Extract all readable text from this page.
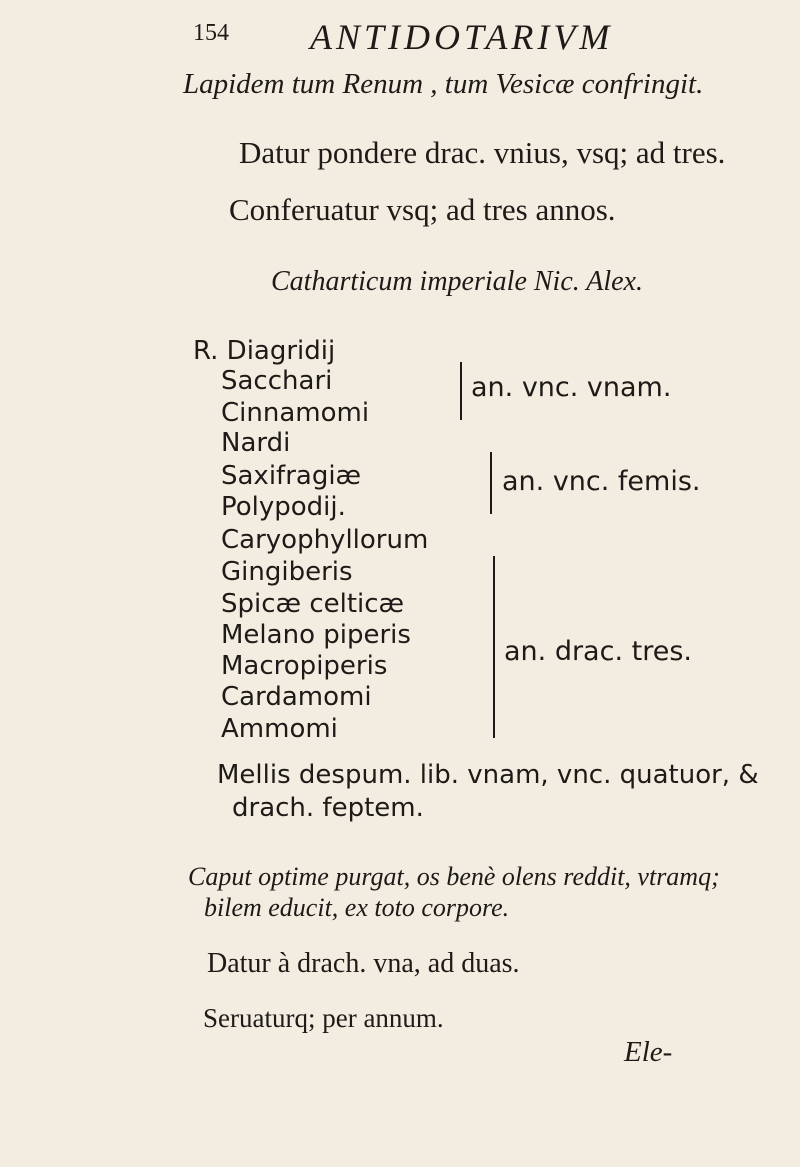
154 ANTIDOTARIVM
Lapidem tum Renum , tum Vesicæ confringit.
Datur pondere drac. vnius, vsq; ad tres.
Conferuatur vsq; ad tres annos.
Catharticum imperiale Nic. Alex.
R. Diagridij
Sacchari
Cinnamomi
Nardi
Saxifragiæ
Polypodij.
Caryophyllorum
Gingiberis
Spicæ celticæ
Melano piperis
Macropiperis
Cardamomi
Ammomi
an. vnc. vnam.
an. vnc. femis.
an. drac. tres.
Mellis despum. lib. vnam, vnc. quatuor, &
drach. feptem.
Caput optime purgat, os benè olens reddit, vtramq;
bilem educit, ex toto corpore.
Datur à drach. vna, ad duas.
Seruaturq; per annum.
Ele-
